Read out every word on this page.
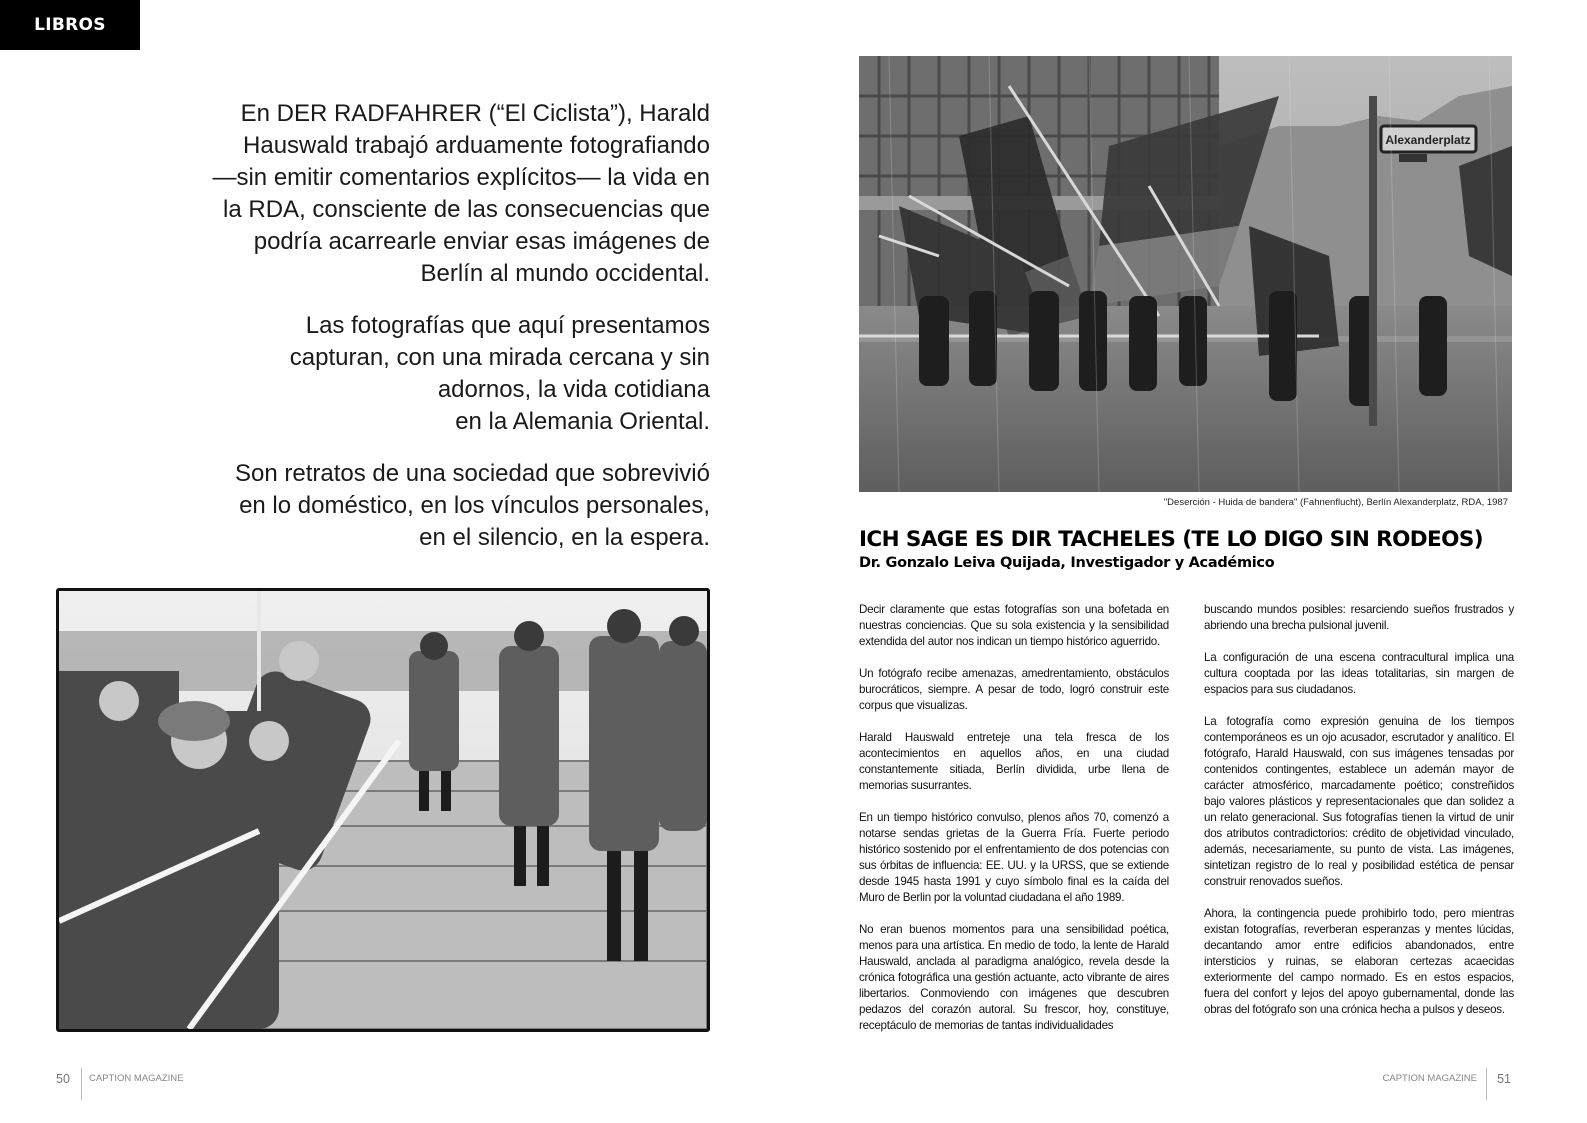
LIBROS

En DER RADFAHRER (“El Ciclista”), Harald
Hauswald trabajó arduamente fotografiando
—sin emitir comentarios explícitos— la vida en
la RDA, consciente de las consecuencias que
podría acarrearle enviar esas imágenes de
Berlín al mundo occidental.

Las fotografías que aquí presentamos
capturan, con una mirada cercana y sin
adornos, la vida cotidiana
en la Alemania Oriental.

Son retratos de una sociedad que sobrevivió
en lo doméstico, en los vínculos personales,
en el silencio, en la espera.

Alexanderplatz
"Deserción - Huida de bandera" (Fahnenflucht), Berlín Alexanderplatz, RDA, 1987
ICH SAGE ES DIR TACHELES (TE LO DIGO SIN RODEOS)
Dr. Gonzalo Leiva Quijada, Investigador y Académico

Decir claramente que estas fotografías son una bofetada en nuestras conciencias. Que su sola existencia y la sensibilidad extendida del autor nos indican un tiempo histórico aguerrido.

Un fotógrafo recibe amenazas, amedrentamiento, obstáculos burocráticos, siempre. A pesar de todo, logró construir este corpus que visualizas.

Harald Hauswald entreteje una tela fresca de los acontecimientos en aquellos años, en una ciudad constantemente sitiada, Berlín dividida, urbe llena de memorias susurrantes.

En un tiempo histórico convulso, plenos años 70, comenzó a notarse sendas grietas de la Guerra Fría. Fuerte periodo histórico sostenido por el enfrentamiento de dos potencias con sus órbitas de influencia: EE. UU. y la URSS, que se extiende desde 1945 hasta 1991 y cuyo símbolo final es la caída del Muro de Berlin por la voluntad ciudadana el año 1989.

No eran buenos momentos para una sensibilidad poética, menos para una artística. En medio de todo, la lente de Harald Hauswald, anclada al paradigma analógico, revela desde la crónica fotográfica una gestión actuante, acto vibrante de aires libertarios. Conmoviendo con imágenes que descubren pedazos del corazón autoral. Su frescor, hoy, constituye, receptáculo de memorias de tantas individualidades

buscando mundos posibles: resarciendo sueños frustrados y abriendo una brecha pulsional juvenil.

La configuración de una escena contracultural implica una cultura cooptada por las ideas totalitarias, sin margen de espacios para sus ciudadanos.

La fotografía como expresión genuina de los tiempos contemporáneos es un ojo acusador, escrutador y analítico. El fotógrafo, Harald Hauswald, con sus imágenes tensadas por contenidos contingentes, establece un ademán mayor de carácter atmosférico, marcadamente poético; constreñidos bajo valores plásticos y representacionales que dan solidez a un relato generacional. Sus fotografías tienen la virtud de unir dos atributos contradictorios: crédito de objetividad vinculado, además, necesariamente, su punto de vista. Las imágenes, sintetizan registro de lo real y posibilidad estética de pensar construir renovados sueños.

Ahora, la contingencia puede prohibirlo todo, pero mientras existan fotografías, reverberan esperanzas y mentes lúcidas, decantando amor entre edificios abandonados, entre intersticios y ruinas, se elaboran certezas acaecidas exteriormente del campo normado. Es en estos espacios, fuera del confort y lejos del apoyo gubernamental, donde las obras del fotógrafo son una crónica hecha a pulsos y deseos.

50 CAPTION MAGAZINE	51
CAPTION MAGAZINE
